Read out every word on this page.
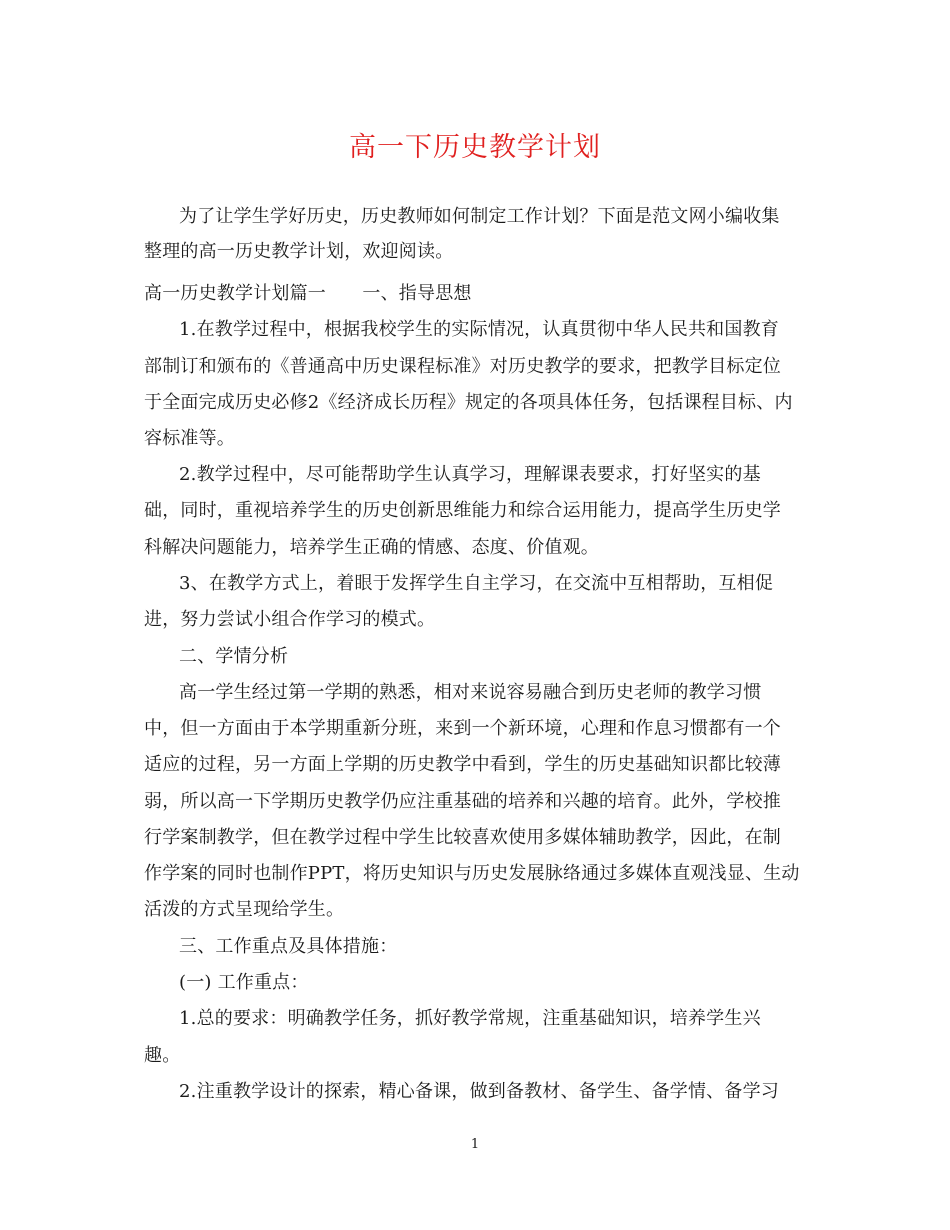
高一下历史教学计划
为了让学生学好历史，历史教师如何制定工作计划？下面是范文网小编收集
整理的高一历史教学计划，欢迎阅读。
高一历史教学计划篇一　　一、指导思想
1.在教学过程中，根据我校学生的实际情况，认真贯彻中华人民共和国教育
部制订和颁布的《普通高中历史课程标准》对历史教学的要求，把教学目标定位
于全面完成历史必修2《经济成长历程》规定的各项具体任务，包括课程目标、内
容标准等。
2.教学过程中，尽可能帮助学生认真学习，理解课表要求，打好坚实的基
础，同时，重视培养学生的历史创新思维能力和综合运用能力，提高学生历史学
科解决问题能力，培养学生正确的情感、态度、价值观。
3、在教学方式上，着眼于发挥学生自主学习，在交流中互相帮助，互相促
进，努力尝试小组合作学习的模式。
二、学情分析
高一学生经过第一学期的熟悉，相对来说容易融合到历史老师的教学习惯
中，但一方面由于本学期重新分班，来到一个新环境，心理和作息习惯都有一个
适应的过程，另一方面上学期的历史教学中看到，学生的历史基础知识都比较薄
弱，所以高一下学期历史教学仍应注重基础的培养和兴趣的培育。此外，学校推
行学案制教学，但在教学过程中学生比较喜欢使用多媒体辅助教学，因此，在制
作学案的同时也制作PPT，将历史知识与历史发展脉络通过多媒体直观浅显、生动
活泼的方式呈现给学生。
三、工作重点及具体措施：
(一) 工作重点：
1.总的要求：明确教学任务，抓好教学常规，注重基础知识，培养学生兴
趣。
2.注重教学设计的探索，精心备课，做到备教材、备学生、备学情、备学习
1
